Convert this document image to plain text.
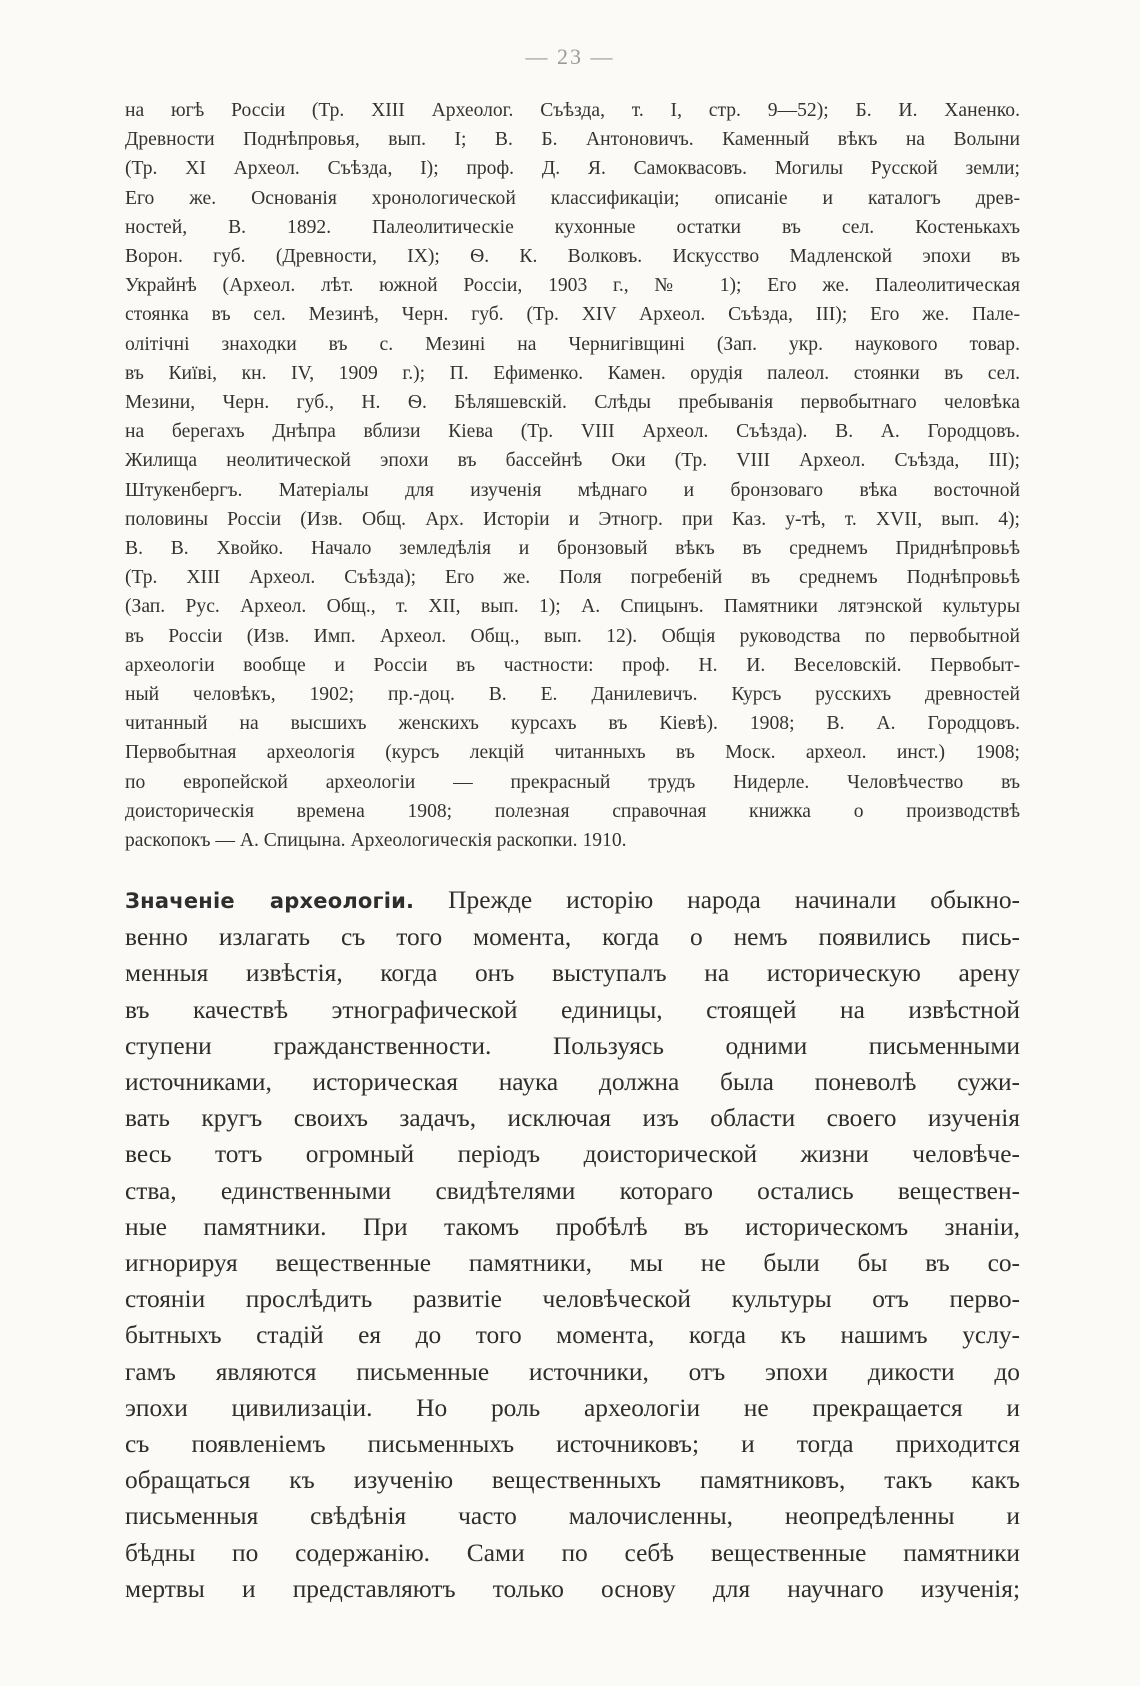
— 23 —
на югѣ Россіи (Тр. XIII Археолог. Съѣзда, т. I, стр. 9—52); Б. И. Ханенко.
Древности Поднѣпровья, вып. I; В. Б. Антоновичъ. Каменный вѣкъ на Волыни
(Тр. XI Археол. Съѣзда, I); проф. Д. Я. Самоквасовъ. Могилы Русской земли;
Его же. Основанія хронологической классификаціи; описаніе и каталогъ древ-
ностей, В. 1892. Палеолитическіе кухонные остатки въ сел. Костенькахъ
Ворон. губ. (Древности, IX); Ѳ. К. Волковъ. Искусство Мадленской эпохи въ
Украйнѣ (Археол. лѣт. южной Россіи, 1903 г., № 1); Его же. Палеолитическая
стоянка въ сел. Мезинѣ, Черн. губ. (Тр. XIV Археол. Съѣзда, III); Его же. Пале-
олітічні знаходки въ с. Мезині на Чернигівщині (Зап. укр. наукового товар.
въ Київі, кн. IV, 1909 г.); П. Ефименко. Камен. орудія палеол. стоянки въ сел.
Мезини, Черн. губ., Н. Ѳ. Бѣляшевскій. Слѣды пребыванія первобытнаго человѣка
на берегахъ Днѣпра вблизи Кіева (Тр. VIII Археол. Съѣзда). В. А. Городцовъ.
Жилища неолитической эпохи въ бассейнѣ Оки (Тр. VIII Археол. Съѣзда, III);
Штукенбергъ. Матеріалы для изученія мѣднаго и бронзоваго вѣка восточной
половины Россіи (Изв. Общ. Арх. Исторіи и Этногр. при Каз. у-тѣ, т. XVII, вып. 4);
В. В. Хвойко. Начало земледѣлія и бронзовый вѣкъ въ среднемъ Приднѣпровьѣ
(Тр. XIII Археол. Съѣзда); Его же. Поля погребеній въ среднемъ Поднѣпровьѣ
(Зап. Рус. Археол. Общ., т. XII, вып. 1); А. Спицынъ. Памятники лятэнской культуры
въ Россіи (Изв. Имп. Археол. Общ., вып. 12). Общія руководства по первобытной
археологіи вообще и Россіи въ частности: проф. Н. И. Веселовскій. Первобыт-
ный человѣкъ, 1902; пр.-доц. В. Е. Данилевичъ. Курсъ русскихъ древностей
читанный на высшихъ женскихъ курсахъ въ Кіевѣ). 1908; В. А. Городцовъ.
Первобытная археологія (курсъ лекцій читанныхъ въ Моск. археол. инст.) 1908;
по европейской археологіи — прекрасный трудъ Нидерле. Человѣчество въ
доисторическія времена 1908; полезная справочная книжка о производствѣ
раскопокъ — А. Спицына. Археологическія раскопки. 1910.
Значеніе археологіи. Прежде исторію народа начинали обыкно-
венно излагать съ того момента, когда о немъ появились пись-
менныя извѣстія, когда онъ выступалъ на историческую арену
въ качествѣ этнографической единицы, стоящей на извѣстной
ступени гражданственности. Пользуясь одними письменными
источниками, историческая наука должна была поневолѣ сужи-
вать кругъ своихъ задачъ, исключая изъ области своего изученія
весь тотъ огромный періодъ доисторической жизни человѣче-
ства, единственными свидѣтелями котораго остались веществен-
ные памятники. При такомъ пробѣлѣ въ историческомъ знаніи,
игнорируя вещественные памятники, мы не были бы въ со-
стояніи прослѣдить развитіе человѣческой культуры отъ перво-
бытныхъ стадій ея до того момента, когда къ нашимъ услу-
гамъ являются письменные источники, отъ эпохи дикости до
эпохи цивилизаціи. Но роль археологіи не прекращается и
съ появленіемъ письменныхъ источниковъ; и тогда приходится
обращаться къ изученію вещественныхъ памятниковъ, такъ какъ
письменныя свѣдѣнія часто малочисленны, неопредѣленны и
бѣдны по содержанію. Сами по себѣ вещественные памятники
мертвы и представляютъ только основу для научнаго изученія;
